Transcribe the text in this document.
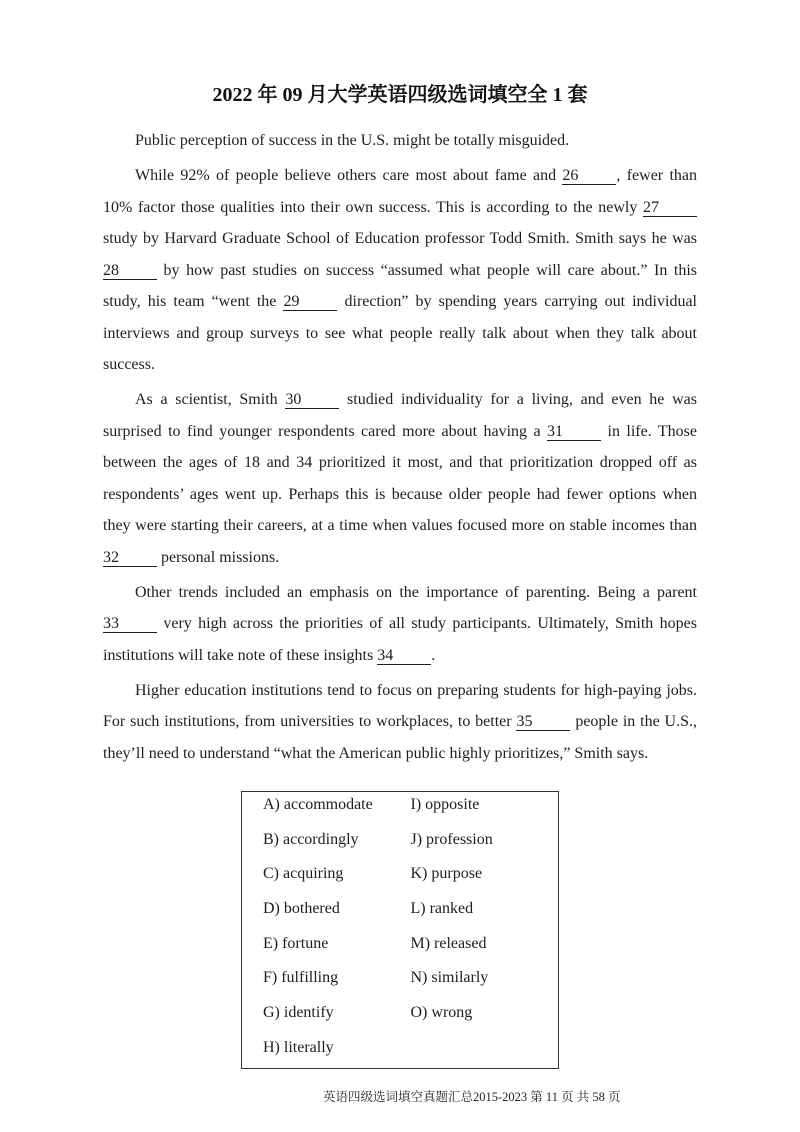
2022 年 09 月大学英语四级选词填空全 1 套
Public perception of success in the U.S. might be totally misguided.
While 92% of people believe others care most about fame and 26 , fewer than
10% factor those qualities into their own success. This is according to the newly 27
study by Harvard Graduate School of Education professor Todd Smith. Smith says he was
28 by how past studies on success “assumed what people will care about.” In this
study, his team “went the 29 direction” by spending years carrying out individual
interviews and group surveys to see what people really talk about when they talk about
success.
As a scientist, Smith 30 studied individuality for a living, and even he was
surprised to find younger respondents cared more about having a 31 in life. Those
between the ages of 18 and 34 prioritized it most, and that prioritization dropped off as
respondents’ ages went up. Perhaps this is because older people had fewer options when
they were starting their careers, at a time when values focused more on stable incomes than
32 personal missions.
Other trends included an emphasis on the importance of parenting. Being a parent
33 very high across the priorities of all study participants. Ultimately, Smith hopes
institutions will take note of these insights 34 .
Higher education institutions tend to focus on preparing students for high-paying jobs.
For such institutions, from universities to workplaces, to better 35 people in the U.S.,
they’ll need to understand “what the American public highly prioritizes,” Smith says.
A) accommodate	I) opposite
B) accordingly	J) profession
C) acquiring	K) purpose
D) bothered	L) ranked
E) fortune	M) released
F) fulfilling	N) similarly
G) identify	O) wrong
H) literally
英语四级选词填空真题汇总2015-2023 第 11 页 共 58 页
